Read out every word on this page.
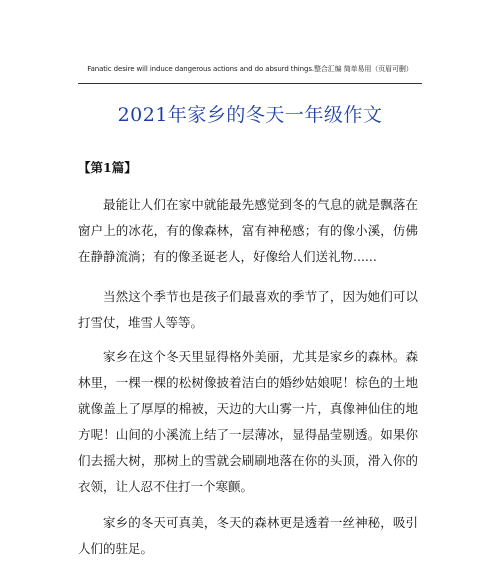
Fanatic desire will induce dangerous actions and do absurd things.整合汇编 简单易用（页眉可删）
2021年家乡的冬天一年级作文
【第1篇】

最能让人们在家中就能最先感觉到冬的气息的就是飘落在窗户上的冰花，有的像森林，富有神秘感；有的像小溪，仿佛在静静流淌；有的像圣诞老人，好像给人们送礼物......

当然这个季节也是孩子们最喜欢的季节了，因为她们可以打雪仗，堆雪人等等。

家乡在这个冬天里显得格外美丽，尤其是家乡的森林。森林里，一棵一棵的松树像披着洁白的婚纱姑娘呢！棕色的土地就像盖上了厚厚的棉被，天边的大山雾一片，真像神仙住的地方呢！山间的小溪流上结了一层薄冰，显得晶莹剔透。如果你们去摇大树，那树上的雪就会刷刷地落在你的头顶，滑入你的衣领，让人忍不住打一个寒颤。

家乡的冬天可真美，冬天的森林更是透着一丝神秘，吸引人们的驻足。
